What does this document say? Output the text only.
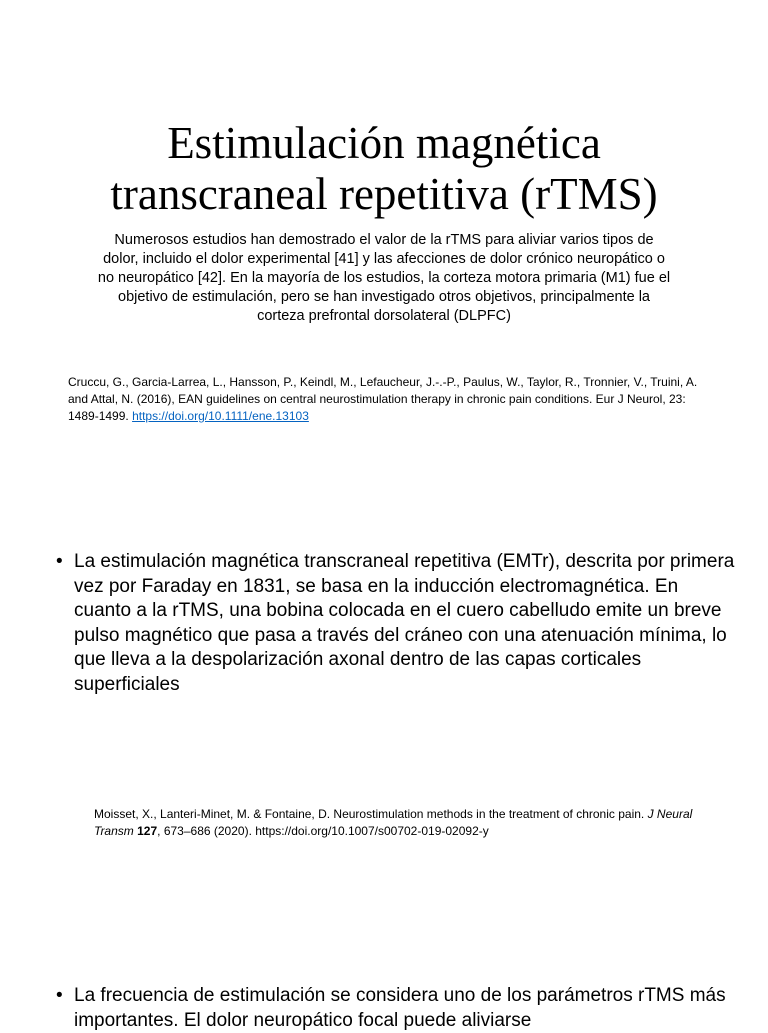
Estimulación magnética
transcraneal repetitiva (rTMS)

Numerosos estudios han demostrado el valor de la rTMS para aliviar varios tipos de dolor, incluido el dolor experimental [41] y las afecciones de dolor crónico neuropático o no neuropático [42]. En la mayoría de los estudios, la corteza motora primaria (M1) fue el objetivo de estimulación, pero se han investigado otros objetivos, principalmente la corteza prefrontal dorsolateral (DLPFC)

Cruccu, G., Garcia-Larrea, L., Hansson, P., Keindl, M., Lefaucheur, J.-.-P., Paulus, W., Taylor, R., Tronnier, V., Truini, A. and Attal, N. (2016), EAN guidelines on central neurostimulation therapy in chronic pain conditions. Eur J Neurol, 23: 1489-1499. https://doi.org/10.1111/ene.13103

• La estimulación magnética transcraneal repetitiva (EMTr), descrita por primera vez por Faraday en 1831, se basa en la inducción electromagnética. En cuanto a la rTMS, una bobina colocada en el cuero cabelludo emite un breve pulso magnético que pasa a través del cráneo con una atenuación mínima, lo que lleva a la despolarización axonal dentro de las capas corticales superficiales

Moisset, X., Lanteri-Minet, M. & Fontaine, D. Neurostimulation methods in the treatment of chronic pain. J Neural Transm 127, 673–686 (2020). https://doi.org/10.1007/s00702-019-02092-y

• La frecuencia de estimulación se considera uno de los parámetros rTMS más importantes. El dolor neuropático focal puede aliviarse
